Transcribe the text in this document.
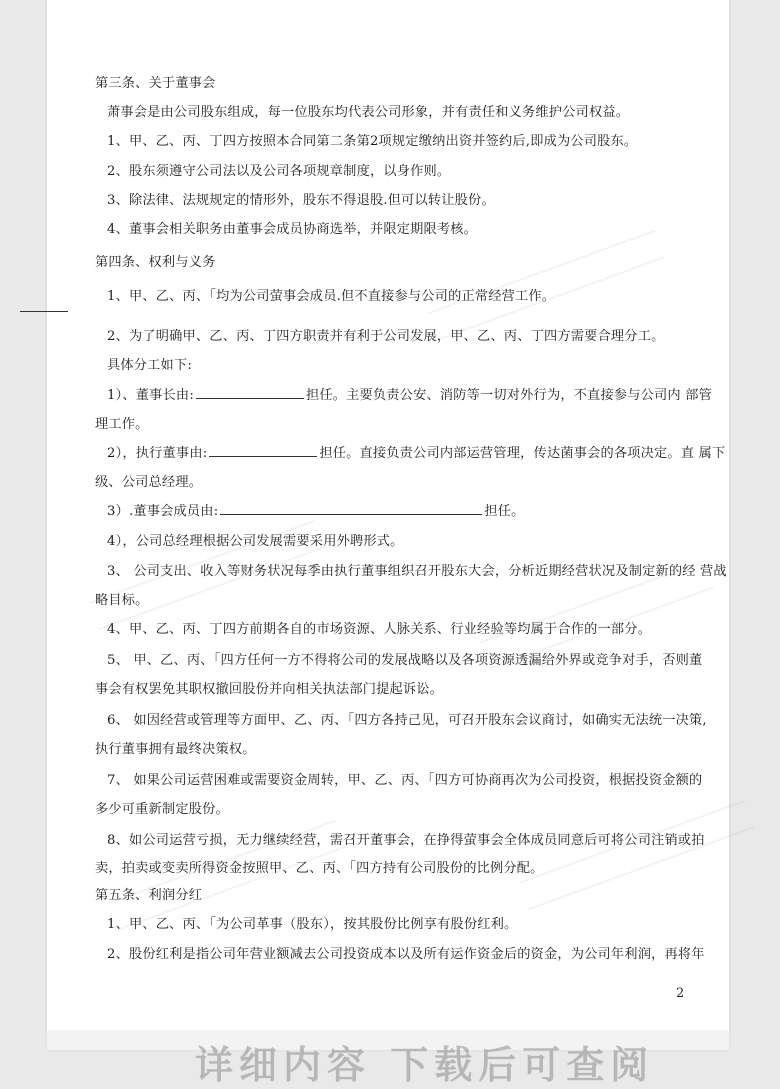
第三条、关于董事会
萧事会是由公司股东组成，每一位股东均代表公司形象，并有责任和义务维护公司权益。
1、甲、乙、丙、丁四方按照本合同第二条第2项规定缴纳出资并签约后,即成为公司股东。
2、股东须遵守公司法以及公司各项规章制度，以身作则。
3、除法律、法规规定的情形外，股东不得退股.但可以转让股份。
4、董事会相关职务由董事会成员协商选举，并限定期限考核。
第四条、权利与义务
1、甲、乙、丙、「均为公司萤事会成员.但不直接参与公司的正常经营工作。
2、为了明确甲、乙、丙、丁四方职责并有利于公司发展，甲、乙、丙、丁四方需要合理分工。
具体分工如下:
1）、董事长由:	担任。主要负责公安、消防等一切对外行为，不直接参与公司内 部管
理工作。
2），执行董事由:	担任。直接负责公司内部运营管理，传达菌事会的各项决定。直 属下
级、公司总经理。
3）.董事会成员由:	担任。
4），公司总经理根据公司发展需要采用外聘形式。
3、 公司支出、收入等财务状况每季由执行董事组织召开股东大会，分析近期经营状况及制定新的经 营战
略目标。
4、甲、乙、丙、丁四方前期各自的市场资源、人脉关系、行业经验等均属于合作的一部分。
5、 甲、乙、丙、「四方任何一方不得将公司的发展战略以及各项资源透漏给外界或竞争对手，否则董
事会有权罢免其职权撤回股份并向相关执法部门提起诉讼。
6、 如因经营或管理等方面甲、乙、丙、「四方各持己见，可召开股东会议商讨，如确实无法统一决策,
执行董事拥有最终决策权。
7、 如果公司运营困难或需要资金周转，甲、乙、丙、「四方可协商再次为公司投资，根据投资金额的
多少可重新制定股份。
8、如公司运营亏损，无力继续经营，需召开董事会，在挣得萤事会全体成员同意后可将公司注销或拍
卖，拍卖或变卖所得资金按照甲、乙、丙、「四方持有公司股份的比例分配。
第五条、利润分红
1、甲、乙、丙、「为公司革事（股东），按其股份比例享有股份红利。
2、股份红利是指公司年营业额减去公司投资成本以及所有运作资金后的资金，为公司年利润，再将年
2
详细内容 下载后可查阅
